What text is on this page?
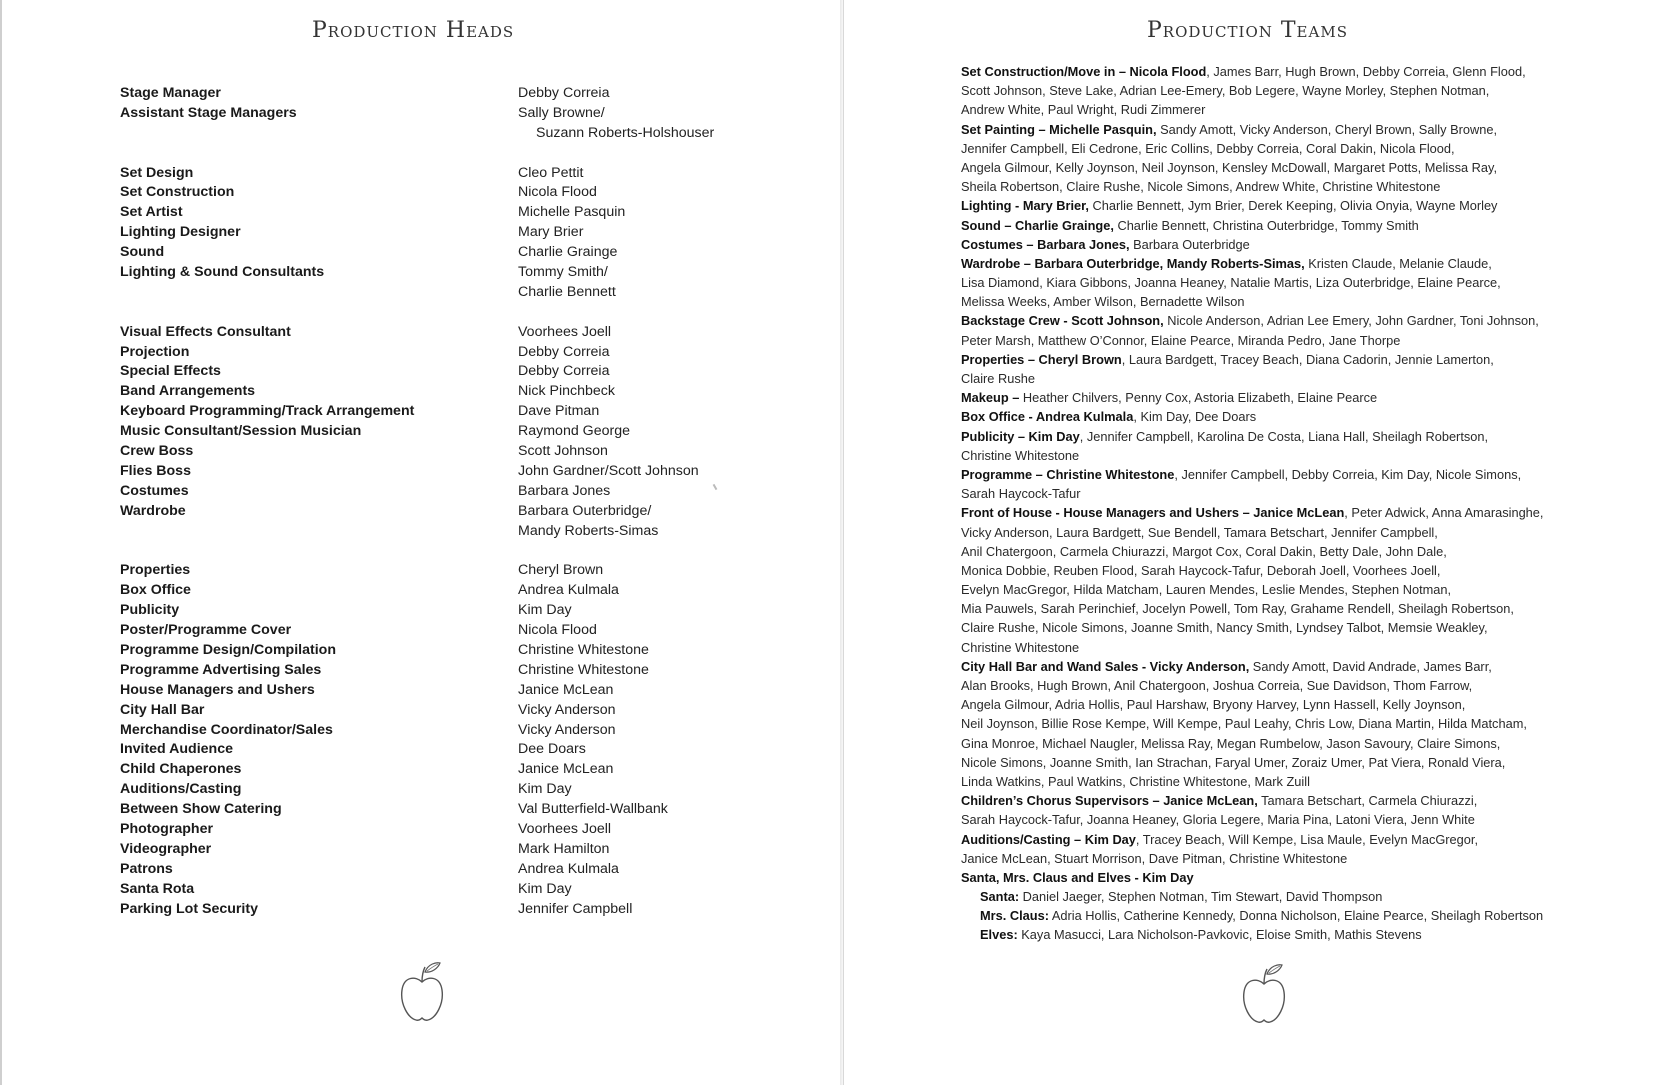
Production Heads
Stage Manager	Debby Correia
Assistant Stage Managers	Sally Browne/
Suzann Roberts-Holshouser
Set Design	Cleo Pettit
Set Construction	Nicola Flood
Set Artist	Michelle Pasquin
Lighting Designer	Mary Brier
Sound	Charlie Grainge
Lighting & Sound Consultants	Tommy Smith/
Charlie Bennett
Visual Effects Consultant	Voorhees Joell
Projection	Debby Correia
Special Effects	Debby Correia
Band Arrangements	Nick Pinchbeck
Keyboard Programming/Track Arrangement	Dave Pitman
Music Consultant/Session Musician	Raymond George
Crew Boss	Scott Johnson
Flies Boss	John Gardner/Scott Johnson
Costumes	Barbara Jones
Wardrobe	Barbara Outerbridge/
Mandy Roberts-Simas
Properties	Cheryl Brown
Box Office	Andrea Kulmala
Publicity	Kim Day
Poster/Programme Cover	Nicola Flood
Programme Design/Compilation	Christine Whitestone
Programme Advertising Sales	Christine Whitestone
House Managers and Ushers	Janice McLean
City Hall Bar	Vicky Anderson
Merchandise Coordinator/Sales	Vicky Anderson
Invited Audience	Dee Doars
Child Chaperones	Janice McLean
Auditions/Casting	Kim Day
Between Show Catering	Val Butterfield-Wallbank
Photographer	Voorhees Joell
Videographer	Mark Hamilton
Patrons	Andrea Kulmala
Santa Rota	Kim Day
Parking Lot Security	Jennifer Campbell
Production Teams
Set Construction/Move in – Nicola Flood, James Barr, Hugh Brown, Debby Correia, Glenn Flood,
Scott Johnson, Steve Lake, Adrian Lee-Emery, Bob Legere, Wayne Morley, Stephen Notman,
Andrew White, Paul Wright, Rudi Zimmerer
Set Painting – Michelle Pasquin, Sandy Amott, Vicky Anderson, Cheryl Brown, Sally Browne,
Jennifer Campbell, Eli Cedrone, Eric Collins, Debby Correia, Coral Dakin, Nicola Flood,
Angela Gilmour, Kelly Joynson, Neil Joynson, Kensley McDowall, Margaret Potts, Melissa Ray,
Sheila Robertson, Claire Rushe, Nicole Simons, Andrew White, Christine Whitestone
Lighting - Mary Brier, Charlie Bennett, Jym Brier, Derek Keeping, Olivia Onyia, Wayne Morley
Sound – Charlie Grainge, Charlie Bennett, Christina Outerbridge, Tommy Smith
Costumes – Barbara Jones, Barbara Outerbridge
Wardrobe – Barbara Outerbridge, Mandy Roberts-Simas, Kristen Claude, Melanie Claude,
Lisa Diamond, Kiara Gibbons, Joanna Heaney, Natalie Martis, Liza Outerbridge, Elaine Pearce,
Melissa Weeks, Amber Wilson, Bernadette Wilson
Backstage Crew - Scott Johnson, Nicole Anderson, Adrian Lee Emery, John Gardner, Toni Johnson,
Peter Marsh, Matthew O’Connor, Elaine Pearce, Miranda Pedro, Jane Thorpe
Properties – Cheryl Brown, Laura Bardgett, Tracey Beach, Diana Cadorin, Jennie Lamerton,
Claire Rushe
Makeup – Heather Chilvers, Penny Cox, Astoria Elizabeth, Elaine Pearce
Box Office - Andrea Kulmala, Kim Day, Dee Doars
Publicity – Kim Day, Jennifer Campbell, Karolina De Costa, Liana Hall, Sheilagh Robertson,
Christine Whitestone
Programme – Christine Whitestone, Jennifer Campbell, Debby Correia, Kim Day, Nicole Simons,
Sarah Haycock-Tafur
Front of House - House Managers and Ushers – Janice McLean, Peter Adwick, Anna Amarasinghe,
Vicky Anderson, Laura Bardgett, Sue Bendell, Tamara Betschart, Jennifer Campbell,
Anil Chatergoon, Carmela Chiurazzi, Margot Cox, Coral Dakin, Betty Dale, John Dale,
Monica Dobbie, Reuben Flood, Sarah Haycock-Tafur, Deborah Joell, Voorhees Joell,
Evelyn MacGregor, Hilda Matcham, Lauren Mendes, Leslie Mendes, Stephen Notman,
Mia Pauwels, Sarah Perinchief, Jocelyn Powell, Tom Ray, Grahame Rendell, Sheilagh Robertson,
Claire Rushe, Nicole Simons, Joanne Smith, Nancy Smith, Lyndsey Talbot, Memsie Weakley,
Christine Whitestone
City Hall Bar and Wand Sales - Vicky Anderson, Sandy Amott, David Andrade, James Barr,
Alan Brooks, Hugh Brown, Anil Chatergoon, Joshua Correia, Sue Davidson, Thom Farrow,
Angela Gilmour, Adria Hollis, Paul Harshaw, Bryony Harvey, Lynn Hassell, Kelly Joynson,
Neil Joynson, Billie Rose Kempe, Will Kempe, Paul Leahy, Chris Low, Diana Martin, Hilda Matcham,
Gina Monroe, Michael Naugler, Melissa Ray, Megan Rumbelow, Jason Savoury, Claire Simons,
Nicole Simons, Joanne Smith, Ian Strachan, Faryal Umer, Zoraiz Umer, Pat Viera, Ronald Viera,
Linda Watkins, Paul Watkins, Christine Whitestone, Mark Zuill
Children’s Chorus Supervisors – Janice McLean, Tamara Betschart, Carmela Chiurazzi,
Sarah Haycock-Tafur, Joanna Heaney, Gloria Legere, Maria Pina, Latoni Viera, Jenn White
Auditions/Casting – Kim Day, Tracey Beach, Will Kempe, Lisa Maule, Evelyn MacGregor,
Janice McLean, Stuart Morrison, Dave Pitman, Christine Whitestone
Santa, Mrs. Claus and Elves - Kim Day
Santa: Daniel Jaeger, Stephen Notman, Tim Stewart, David Thompson
Mrs. Claus: Adria Hollis, Catherine Kennedy, Donna Nicholson, Elaine Pearce, Sheilagh Robertson
Elves: Kaya Masucci, Lara Nicholson-Pavkovic, Eloise Smith, Mathis Stevens
